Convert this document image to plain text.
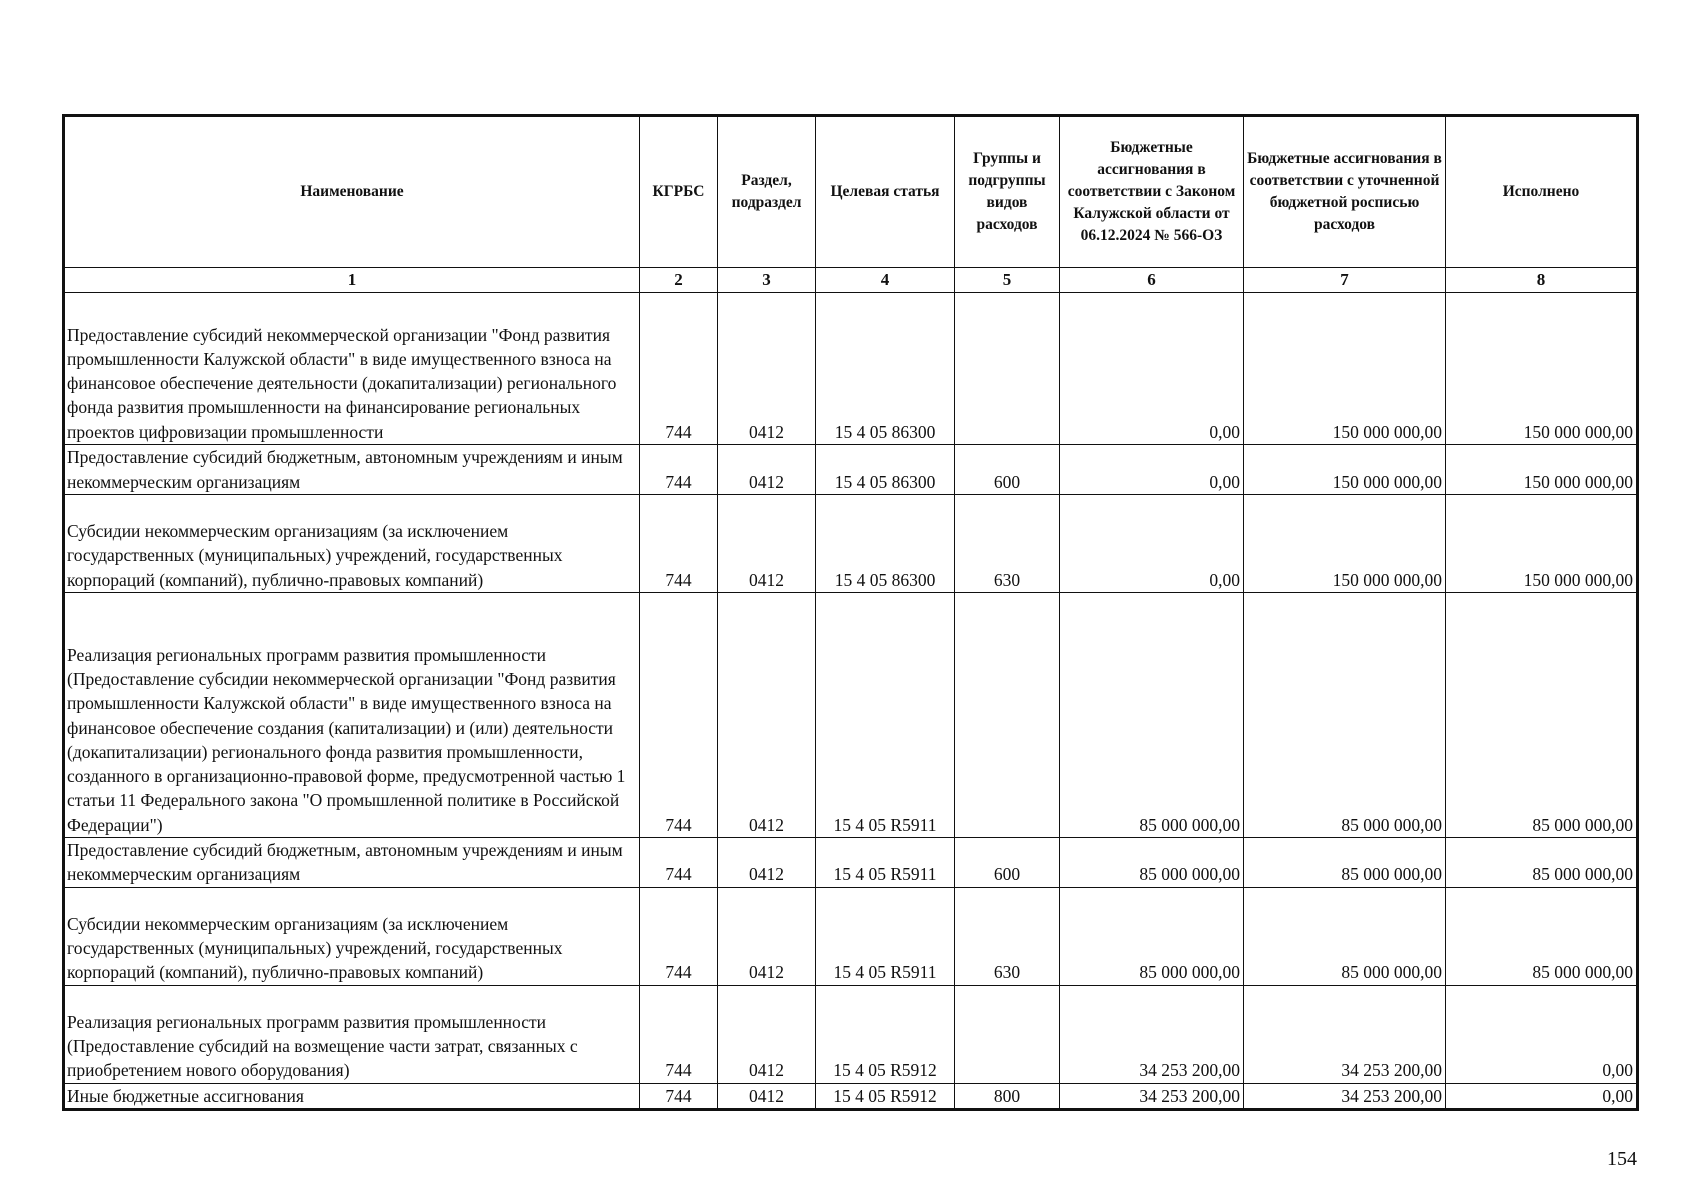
Наименование	КГРБС	Раздел, подраздел	Целевая статья	Группы и подгруппы видов расходов	Бюджетные ассигнования в соответствии с Законом Калужской области от 06.12.2024 № 566-ОЗ	Бюджетные ассигнования в соответствии с уточненной бюджетной росписью расходов	Исполнено
1	2	3	4	5	6	7	8
Предоставление субсидий некоммерческой организации "Фонд развития промышленности Калужской области" в виде имущественного взноса на финансовое обеспечение деятельности (докапитализации) регионального фонда развития промышленности на финансирование региональных проектов цифровизации промышленности	744	0412	15 4 05 86300		0,00	150 000 000,00	150 000 000,00
Предоставление субсидий бюджетным, автономным учреждениям и иным некоммерческим организациям	744	0412	15 4 05 86300	600	0,00	150 000 000,00	150 000 000,00
Субсидии некоммерческим организациям (за исключением государственных (муниципальных) учреждений, государственных корпораций (компаний), публично-правовых компаний)	744	0412	15 4 05 86300	630	0,00	150 000 000,00	150 000 000,00
Реализация региональных программ развития промышленности (Предоставление субсидии некоммерческой организации "Фонд развития промышленности Калужской области" в виде имущественного взноса на финансовое обеспечение создания (капитализации) и (или) деятельности (докапитализации) регионального фонда развития промышленности, созданного в организационно-правовой форме, предусмотренной частью 1 статьи 11 Федерального закона "О промышленной политике в Российской Федерации")	744	0412	15 4 05 R5911		85 000 000,00	85 000 000,00	85 000 000,00
Предоставление субсидий бюджетным, автономным учреждениям и иным некоммерческим организациям	744	0412	15 4 05 R5911	600	85 000 000,00	85 000 000,00	85 000 000,00
Субсидии некоммерческим организациям (за исключением государственных (муниципальных) учреждений, государственных корпораций (компаний), публично-правовых компаний)	744	0412	15 4 05 R5911	630	85 000 000,00	85 000 000,00	85 000 000,00
Реализация региональных программ развития промышленности (Предоставление субсидий на возмещение части затрат, связанных с приобретением нового оборудования)	744	0412	15 4 05 R5912		34 253 200,00	34 253 200,00	0,00
Иные бюджетные ассигнования	744	0412	15 4 05 R5912	800	34 253 200,00	34 253 200,00	0,00
154
